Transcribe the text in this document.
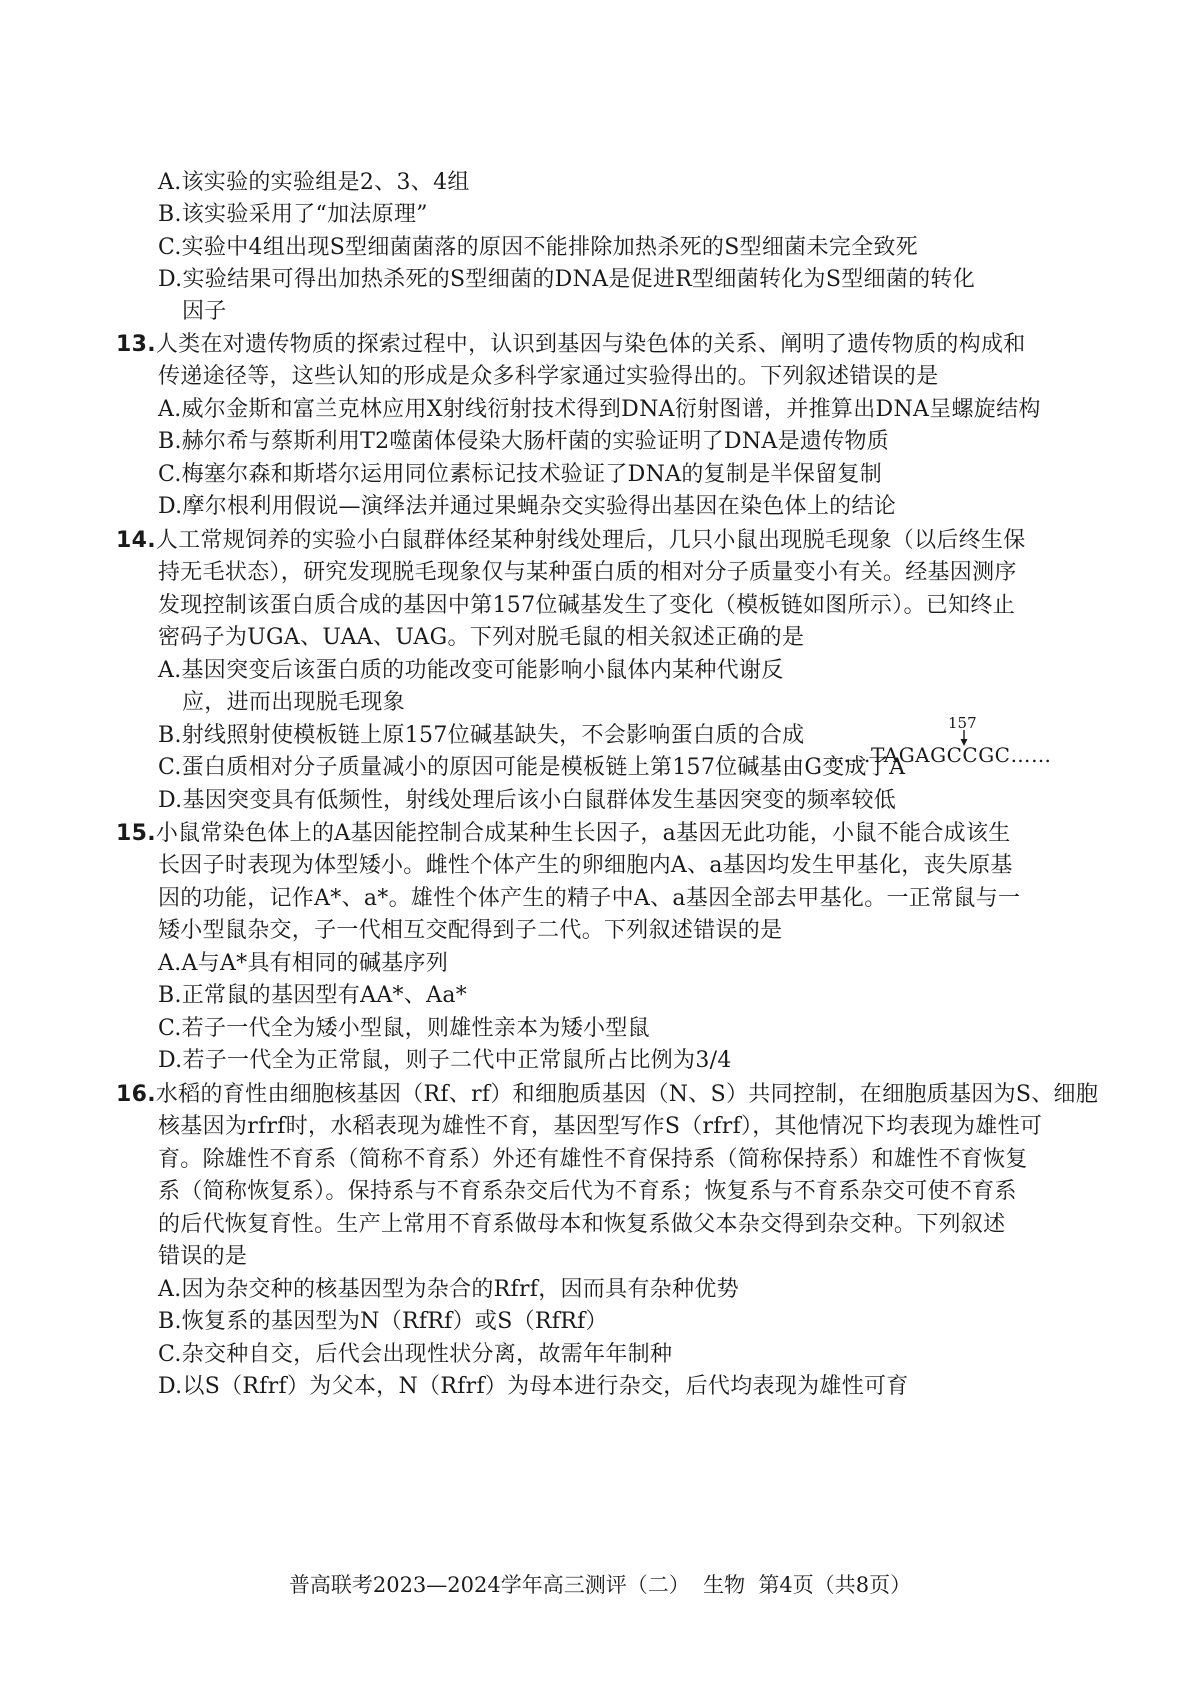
A.该实验的实验组是2、3、4组
B.该实验采用了“加法原理”
C.实验中4组出现S型细菌菌落的原因不能排除加热杀死的S型细菌未完全致死
D.实验结果可得出加热杀死的S型细菌的DNA是促进R型细菌转化为S型细菌的转化
因子
13.人类在对遗传物质的探索过程中，认识到基因与染色体的关系、阐明了遗传物质的构成和
传递途径等，这些认知的形成是众多科学家通过实验得出的。下列叙述错误的是
A.威尔金斯和富兰克林应用X射线衍射技术得到DNA衍射图谱，并推算出DNA呈螺旋结构
B.赫尔希与蔡斯利用T2噬菌体侵染大肠杆菌的实验证明了DNA是遗传物质
C.梅塞尔森和斯塔尔运用同位素标记技术验证了DNA的复制是半保留复制
D.摩尔根利用假说—演绎法并通过果蝇杂交实验得出基因在染色体上的结论
14.人工常规饲养的实验小白鼠群体经某种射线处理后，几只小鼠出现脱毛现象（以后终生保
持无毛状态），研究发现脱毛现象仅与某种蛋白质的相对分子质量变小有关。经基因测序
发现控制该蛋白质合成的基因中第157位碱基发生了变化（模板链如图所示）。已知终止
密码子为UGA、UAA、UAG。下列对脱毛鼠的相关叙述正确的是
A.基因突变后该蛋白质的功能改变可能影响小鼠体内某种代谢反
应，进而出现脱毛现象
157
……TAGAGCCGC……
B.射线照射使模板链上原157位碱基缺失，不会影响蛋白质的合成
C.蛋白质相对分子质量减小的原因可能是模板链上第157位碱基由G变成了A
D.基因突变具有低频性，射线处理后该小白鼠群体发生基因突变的频率较低
15.小鼠常染色体上的A基因能控制合成某种生长因子，a基因无此功能，小鼠不能合成该生
长因子时表现为体型矮小。雌性个体产生的卵细胞内A、a基因均发生甲基化，丧失原基
因的功能，记作A*、a*。雄性个体产生的精子中A、a基因全部去甲基化。一正常鼠与一
矮小型鼠杂交，子一代相互交配得到子二代。下列叙述错误的是
A.A与A*具有相同的碱基序列
B.正常鼠的基因型有AA*、Aa*
C.若子一代全为矮小型鼠，则雄性亲本为矮小型鼠
D.若子一代全为正常鼠，则子二代中正常鼠所占比例为3/4
16.水稻的育性由细胞核基因（Rf、rf）和细胞质基因（N、S）共同控制，在细胞质基因为S、细胞
核基因为rfrf时，水稻表现为雄性不育，基因型写作S（rfrf），其他情况下均表现为雄性可
育。除雄性不育系（简称不育系）外还有雄性不育保持系（简称保持系）和雄性不育恢复
系（简称恢复系）。保持系与不育系杂交后代为不育系；恢复系与不育系杂交可使不育系
的后代恢复育性。生产上常用不育系做母本和恢复系做父本杂交得到杂交种。下列叙述
错误的是
A.因为杂交种的核基因型为杂合的Rfrf，因而具有杂种优势
B.恢复系的基因型为N（RfRf）或S（RfRf）
C.杂交种自交，后代会出现性状分离，故需年年制种
D.以S（Rfrf）为父本，N（Rfrf）为母本进行杂交，后代均表现为雄性可育
普高联考2023—2024学年高三测评（二）  生物  第4页（共8页）
